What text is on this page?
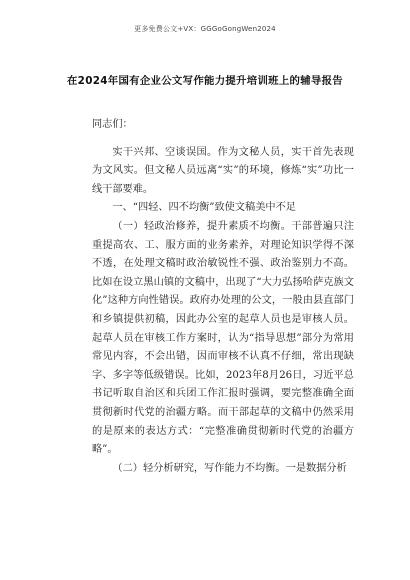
更多免费公文+VX：GGGoGongWen2024
在2024年国有企业公文写作能力提升培训班上的辅导报告

同志们：

实干兴邦、空谈误国。作为文秘人员，实干首先表现为文风实。但文秘人员远离“实”的环境，修炼“实”功比一线干部要难。

一、“四轻、四不均衡”致使文稿美中不足

（一）轻政治修养，提升素质不均衡。干部普遍只注重提高农、工、服方面的业务素养，对理论知识学得不深不透，在处理文稿时政治敏锐性不强、政治鉴别力不高。比如在设立黑山镇的文稿中，出现了“大力弘扬哈萨克族文化”这种方向性错误。政府办处理的公文，一般由县直部门和乡镇提供初稿，因此办公室的起草人员也是审核人员。起草人员在审核工作方案时，认为“指导思想”部分为常用常见内容，不会出错，因而审核不认真不仔细，常出现缺字、多字等低级错误。比如，2023年8月26日，习近平总书记听取自治区和兵团工作汇报时强调，要完整准确全面贯彻新时代党的治疆方略。而干部起草的文稿中仍然采用的是原来的表达方式：“完整准确贯彻新时代党的治疆方略”。

（二）轻分析研究，写作能力不均衡。一是数据分析
